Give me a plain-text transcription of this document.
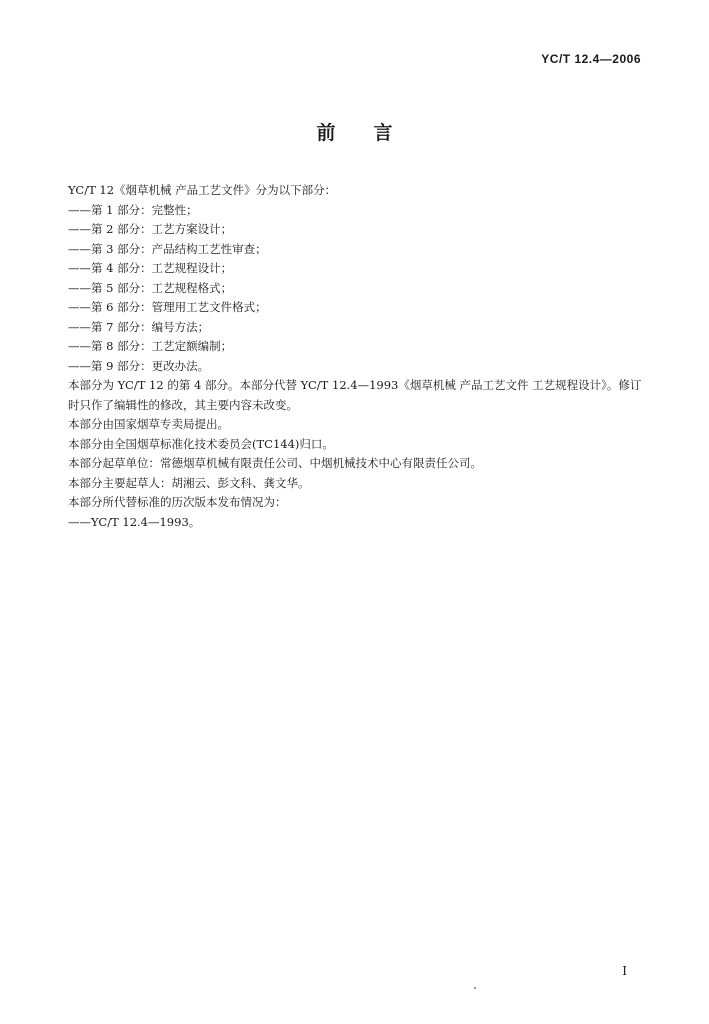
YC/T 12.4—2006
前言
YC/T 12《烟草机械 产品工艺文件》分为以下部分：
——第 1 部分：完整性；
——第 2 部分：工艺方案设计；
——第 3 部分：产品结构工艺性审查；
——第 4 部分：工艺规程设计；
——第 5 部分：工艺规程格式；
——第 6 部分：管理用工艺文件格式；
——第 7 部分：编号方法；
——第 8 部分：工艺定额编制；
——第 9 部分：更改办法。
本部分为 YC/T 12 的第 4 部分。本部分代替 YC/T 12.4—1993《烟草机械 产品工艺文件 工艺规程设计》。修订时只作了编辑性的修改，其主要内容未改变。
本部分由国家烟草专卖局提出。
本部分由全国烟草标准化技术委员会(TC144)归口。
本部分起草单位：常德烟草机械有限责任公司、中烟机械技术中心有限责任公司。
本部分主要起草人：胡湘云、彭文科、龚文华。
本部分所代替标准的历次版本发布情况为：
——YC/T 12.4—1993。
I
